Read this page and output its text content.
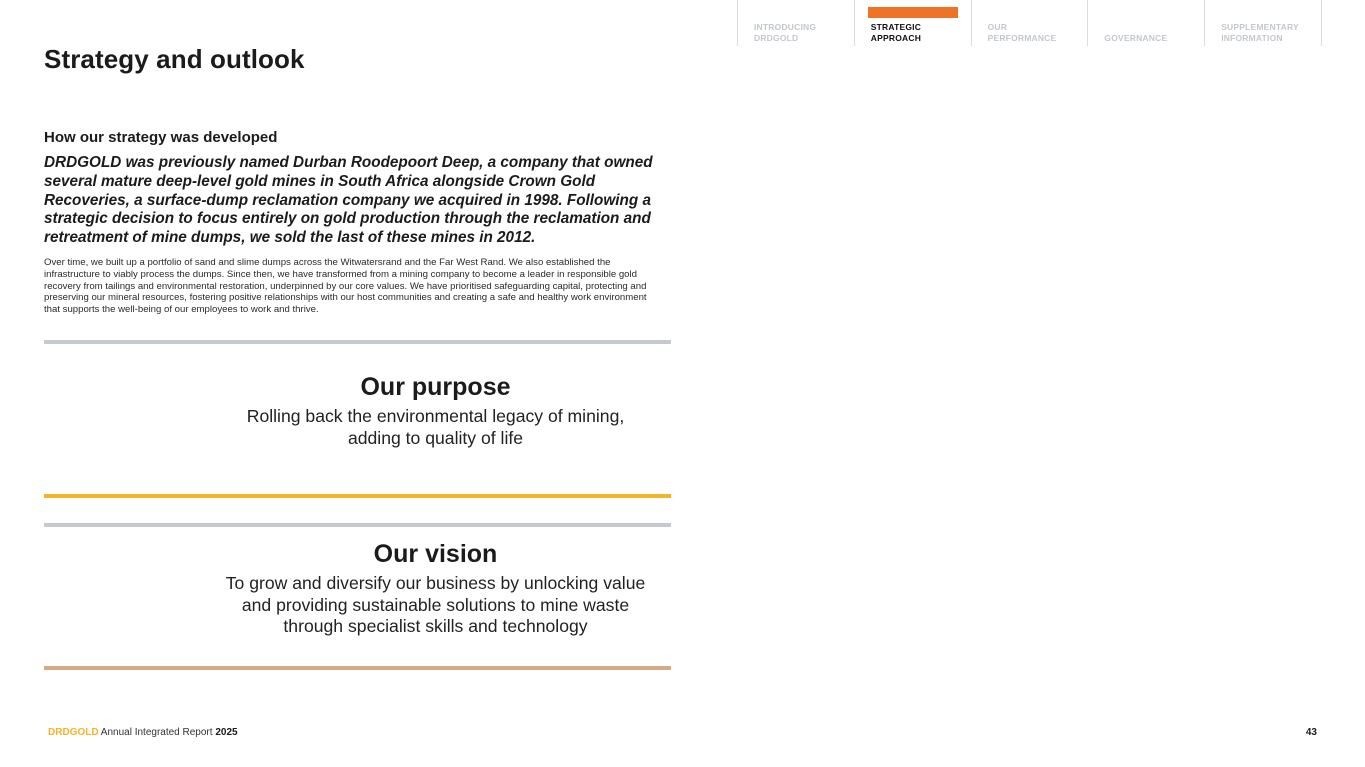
INTRODUCING
DRDGOLD
STRATEGIC
APPROACH
OUR
PERFORMANCE	GOVERNANCE
SUPPLEMENTARY
INFORMATION
Strategy and outlook
How our strategy was developed

DRDGOLD was previously named Durban Roodepoort Deep, a company that owned several mature deep-level gold mines in South Africa alongside Crown Gold Recoveries, a surface-dump reclamation company we acquired in 1998. Following a strategic decision to focus entirely on gold production through the reclamation and retreatment of mine dumps, we sold the last of these mines in 2012.

Over time, we built up a portfolio of sand and slime dumps across the Witwatersrand and the Far West Rand. We also established the infrastructure to viably process the dumps. Since then, we have transformed from a mining company to become a leader in responsible gold recovery from tailings and environmental restoration, underpinned by our core values. We have prioritised safeguarding capital, protecting and preserving our mineral resources, fostering positive relationships with our host communities and creating a safe and healthy work environment that supports the well-being of our employees to work and thrive.

Our purpose

Rolling back the environmental legacy of mining,
adding to quality of life

Our vision

To grow and diversify our business by unlocking value
and providing sustainable solutions to mine waste
through specialist skills and technology

DRDGOLD Annual Integrated Report 2025	43
